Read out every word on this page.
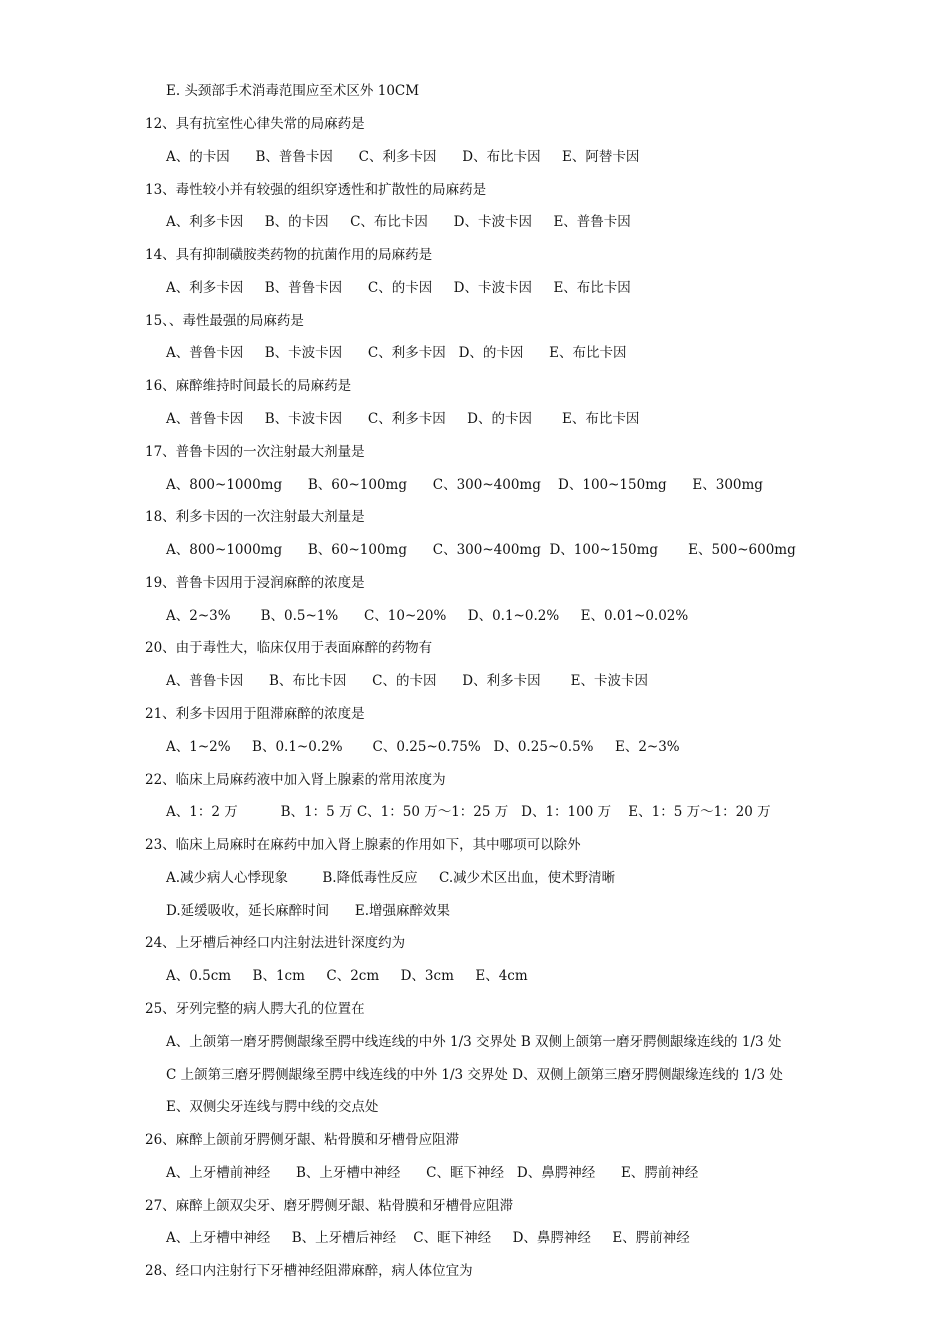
E. 头颈部手术消毒范围应至术区外 10CM
12、具有抗室性心律失常的局麻药是
A、的卡因      B、普鲁卡因      C、利多卡因      D、布比卡因     E、阿替卡因
13、毒性较小并有较强的组织穿透性和扩散性的局麻药是
A、利多卡因     B、的卡因     C、布比卡因      D、卡波卡因     E、普鲁卡因
14、具有抑制磺胺类药物的抗菌作用的局麻药是
A、利多卡因     B、普鲁卡因      C、的卡因     D、卡波卡因     E、布比卡因
15、、毒性最强的局麻药是
A、普鲁卡因     B、卡波卡因      C、利多卡因   D、的卡因      E、布比卡因
16、麻醉维持时间最长的局麻药是
A、普鲁卡因     B、卡波卡因      C、利多卡因     D、的卡因       E、布比卡因
17、普鲁卡因的一次注射最大剂量是
A、800~1000mg      B、60~100mg      C、300~400mg    D、100~150mg      E、300mg
18、利多卡因的一次注射最大剂量是
A、800~1000mg      B、60~100mg      C、300~400mg  D、100~150mg       E、500~600mg
19、普鲁卡因用于浸润麻醉的浓度是
A、2~3%       B、0.5~1%      C、10~20%     D、0.1~0.2%     E、0.01~0.02%
20、由于毒性大，临床仅用于表面麻醉的药物有
A、普鲁卡因      B、布比卡因      C、的卡因      D、利多卡因       E、卡波卡因
21、利多卡因用于阻滞麻醉的浓度是
A、1~2%     B、0.1~0.2%       C、0.25~0.75%   D、0.25~0.5%     E、2~3%
22、临床上局麻药液中加入肾上腺素的常用浓度为
A、1：2 万          B、1：5 万 C、1：50 万～1：25 万   D、1：100 万    E、1：5 万～1：20 万
23、临床上局麻时在麻药中加入肾上腺素的作用如下，其中哪项可以除外
A.减少病人心悸现象        B.降低毒性反应     C.减少术区出血，使术野清晰
D.延缓吸收，延长麻醉时间      E.增强麻醉效果
24、上牙槽后神经口内注射法进针深度约为
A、0.5cm     B、1cm     C、2cm     D、3cm     E、4cm
25、牙列完整的病人腭大孔的位置在
A、上颌第一磨牙腭侧龈缘至腭中线连线的中外 1/3 交界处 B 双侧上颌第一磨牙腭侧龈缘连线的 1/3 处
C 上颌第三磨牙腭侧龈缘至腭中线连线的中外 1/3 交界处 D、双侧上颌第三磨牙腭侧龈缘连线的 1/3 处
E、双侧尖牙连线与腭中线的交点处
26、麻醉上颌前牙腭侧牙龈、粘骨膜和牙槽骨应阻滞
A、上牙槽前神经      B、上牙槽中神经      C、眶下神经   D、鼻腭神经      E、腭前神经
27、麻醉上颌双尖牙、磨牙腭侧牙龈、粘骨膜和牙槽骨应阻滞
A、上牙槽中神经     B、上牙槽后神经    C、眶下神经     D、鼻腭神经     E、腭前神经
28、经口内注射行下牙槽神经阻滞麻醉，病人体位宜为
